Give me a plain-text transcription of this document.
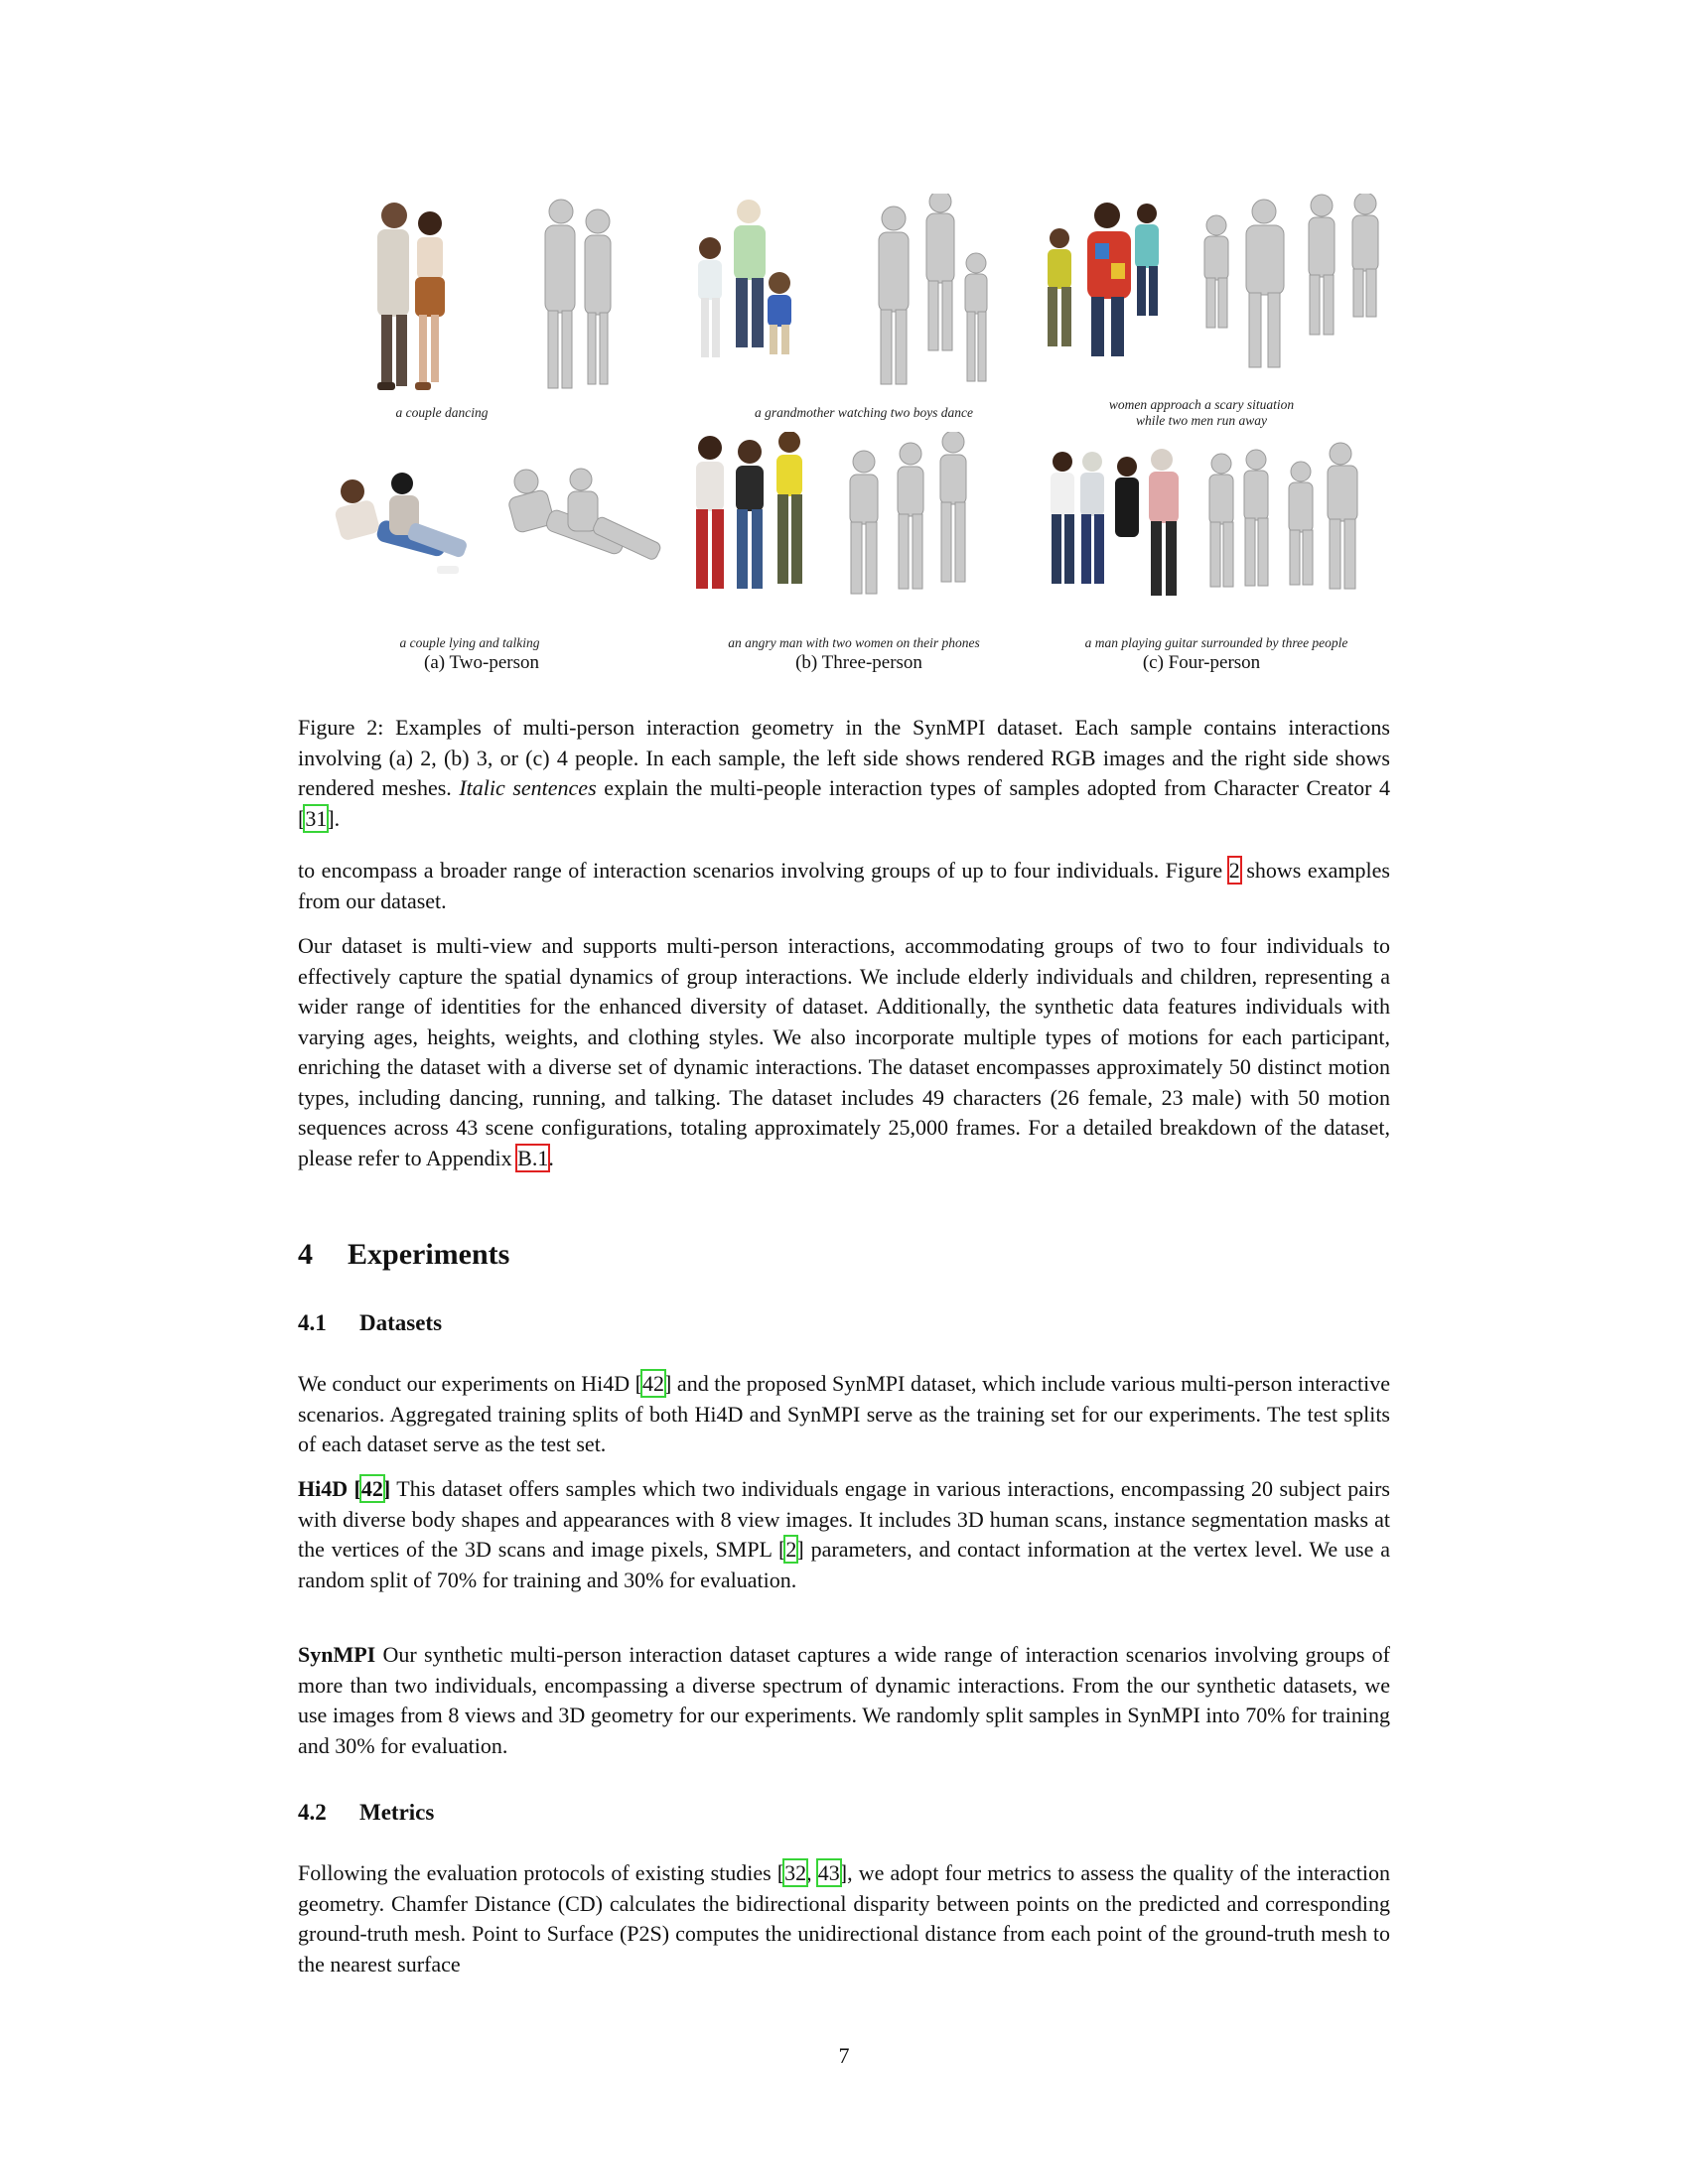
a couple dancing	a grandmother watching two boys dance
women approach a scary situation
while two men run away
a couple lying and talking	an angry man with two women on their phones	a man playing guitar surrounded by three people
(a) Two-person	(b) Three-person	(c) Four-person
Figure 2: Examples of multi-person interaction geometry in the SynMPI dataset. Each sample contains interactions involving (a) 2, (b) 3, or (c) 4 people. In each sample, the left side shows rendered RGB images and the right side shows rendered meshes. Italic sentences explain the multi-people interaction types of samples adopted from Character Creator 4 [31].

to encompass a broader range of interaction scenarios involving groups of up to four individuals. Figure 2 shows examples from our dataset.

Our dataset is multi-view and supports multi-person interactions, accommodating groups of two to four individuals to effectively capture the spatial dynamics of group interactions. We include elderly individuals and children, representing a wider range of identities for the enhanced diversity of dataset. Additionally, the synthetic data features individuals with varying ages, heights, weights, and clothing styles. We also incorporate multiple types of motions for each participant, enriching the dataset with a diverse set of dynamic interactions. The dataset encompasses approximately 50 distinct motion types, including dancing, running, and talking. The dataset includes 49 characters (26 female, 23 male) with 50 motion sequences across 43 scene configurations, totaling approximately 25,000 frames. For a detailed breakdown of the dataset, please refer to Appendix B.1.

4 Experiments
4.1 Datasets

We conduct our experiments on Hi4D [42] and the proposed SynMPI dataset, which include various multi-person interactive scenarios. Aggregated training splits of both Hi4D and SynMPI serve as the training set for our experiments. The test splits of each dataset serve as the test set.

Hi4D [42] This dataset offers samples which two individuals engage in various interactions, encompassing 20 subject pairs with diverse body shapes and appearances with 8 view images. It includes 3D human scans, instance segmentation masks at the vertices of the 3D scans and image pixels, SMPL [2] parameters, and contact information at the vertex level. We use a random split of 70% for training and 30% for evaluation.

SynMPI Our synthetic multi-person interaction dataset captures a wide range of interaction scenarios involving groups of more than two individuals, encompassing a diverse spectrum of dynamic interactions. From the our synthetic datasets, we use images from 8 views and 3D geometry for our experiments. We randomly split samples in SynMPI into 70% for training and 30% for evaluation.

4.2 Metrics

Following the evaluation protocols of existing studies [32, 43], we adopt four metrics to assess the quality of the interaction geometry. Chamfer Distance (CD) calculates the bidirectional disparity between points on the predicted and corresponding ground-truth mesh. Point to Surface (P2S) computes the unidirectional distance from each point of the ground-truth mesh to the nearest surface

7
